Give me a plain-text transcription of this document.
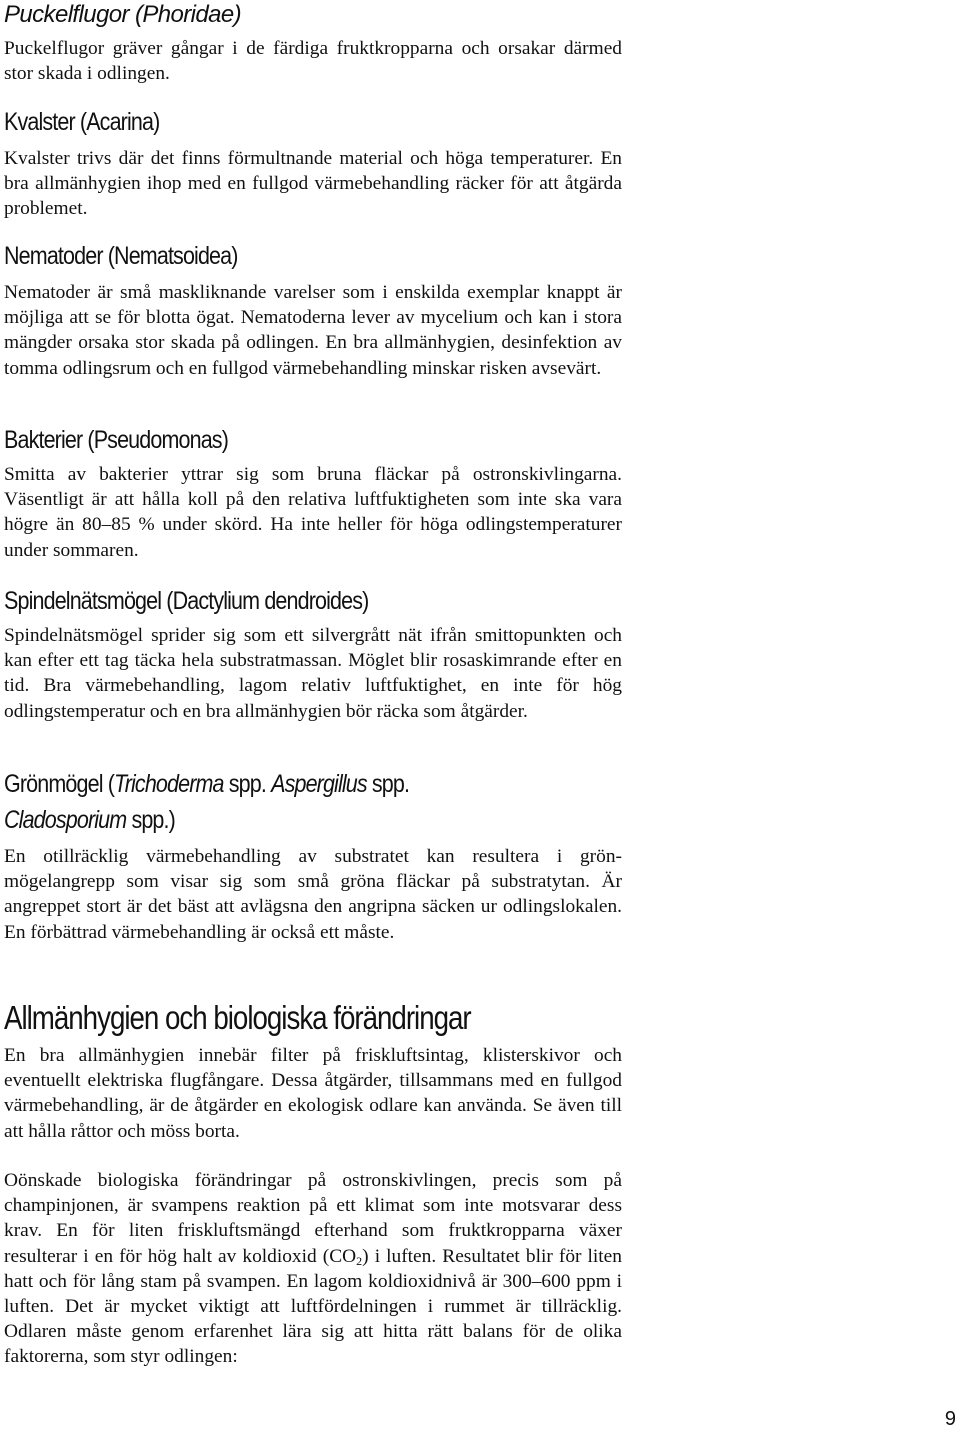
Puckelflugor (Phoridae)

Puckelflugor gräver gångar i de färdiga fruktkropparna och orsakar därmed stor skada i odlingen.

Kvalster (Acarina)

Kvalster trivs där det finns förmultnande material och höga temperaturer. En bra allmänhygien ihop med en fullgod värmebehandling räcker för att åtgärda problemet.

Nematoder (Nematsoidea)

Nematoder är små maskliknande varelser som i enskilda exemplar knappt är möjliga att se för blotta ögat. Nematoderna lever av mycelium och kan i stora mängder orsaka stor skada på odlingen. En bra allmänhygien, desinfektion av tomma odlingsrum och en fullgod värmebehandling minskar risken avsevärt.

Bakterier (Pseudomonas)

Smitta av bakterier yttrar sig som bruna fläckar på ostronskivlingarna. Väsentligt är att hålla koll på den relativa luftfuktigheten som inte ska vara högre än 80–85 % under skörd. Ha inte heller för höga odlingstemperaturer under sommaren.

Spindelnätsmögel (Dactylium dendroides)

Spindelnätsmögel sprider sig som ett silvergrått nät ifrån smittopunkten och kan efter ett tag täcka hela substratmassan. Möglet blir rosaskimrande efter en tid. Bra värmebehandling, lagom relativ luftfuktighet, en inte för hög odlingstemperatur och en bra allmänhygien bör räcka som åtgärder.

Grönmögel (Trichoderma spp. Aspergillus spp.
Cladosporium spp.)

En otillräcklig värmebehandling av substratet kan resultera i grönmögelangrepp som visar sig som små gröna fläckar på substratytan. Är angreppet stort är det bäst att avlägsna den angripna säcken ur odlingslokalen. En förbättrad värmebehandling är också ett måste.

Allmänhygien och biologiska förändringar

En bra allmänhygien innebär filter på friskluftsintag, klisterskivor och eventuellt elektriska flugfångare. Dessa åtgärder, tillsammans med en fullgod värmebehandling, är de åtgärder en ekologisk odlare kan använda. Se även till att hålla råttor och möss borta.

Oönskade biologiska förändringar på ostronskivlingen, precis som på champinjonen, är svampens reaktion på ett klimat som inte motsvarar dess krav. En för liten friskluftsmängd efterhand som fruktkropparna växer resulterar i en för hög halt av koldioxid $(CO_2)$ i luften. Resultatet blir för liten hatt och för lång stam på svampen. En lagom koldioxidnivå är 300–600 ppm i luften. Det är mycket viktigt att luftfördelningen i rummet är tillräcklig. Odlaren måste genom erfarenhet lära sig att hitta rätt balans för de olika faktorerna, som styr odlingen:

9
